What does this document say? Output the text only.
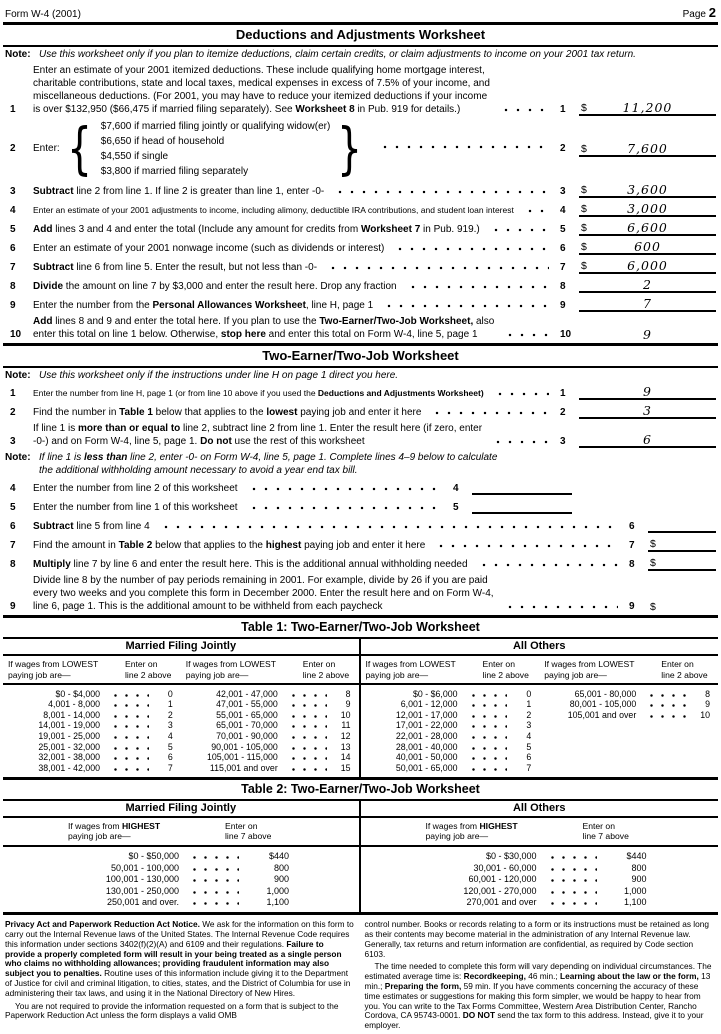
Form W-4 (2001)	Page 2
Deductions and Adjustments Worksheet
Note: Use this worksheet only if you plan to itemize deductions, claim certain credits, or claim adjustments to income on your 2001 tax return.
1
Enter an estimate of your 2001 itemized deductions. These include qualifying home mortgage interest,
charitable contributions, state and local taxes, medical expenses in excess of 7.5% of your income, and
miscellaneous deductions. (For 2001, you may have to reduce your itemized deductions if your income
is over $132,950 ($66,475 if married filing separately). See Worksheet 8 in Pub. 919 for details.)	1	$	11,200
2	Enter: { $7,600 if married filing jointly or qualifying widow(er)
$6,650 if head of household
$4,550 if single
$3,800 if married filing separately	}	2	$	7,600
3	Subtract line 2 from line 1. If line 2 is greater than line 1, enter -0-	3	$	3,600
4	Enter an estimate of your 2001 adjustments to income, including alimony, deductible IRA contributions, and student loan interest	4	$	3,000
5	Add lines 3 and 4 and enter the total (Include any amount for credits from Worksheet 7 in Pub. 919.)	5	$	6,600
6	Enter an estimate of your 2001 nonwage income (such as dividends or interest)	6	$	600
7	Subtract line 6 from line 5. Enter the result, but not less than -0-	7	$	6,000
8	Divide the amount on line 7 by $3,000 and enter the result here. Drop any fraction	8	2
9	Enter the number from the Personal Allowances Worksheet, line H, page 1	9	7
10
Add lines 8 and 9 and enter the total here. If you plan to use the Two-Earner/Two-Job Worksheet, also
enter this total on line 1 below. Otherwise, stop here and enter this total on Form W-4, line 5, page 1	10	9
Two-Earner/Two-Job Worksheet
Note: Use this worksheet only if the instructions under line H on page 1 direct you here.
1	Enter the number from line H, page 1 (or from line 10 above if you used the Deductions and Adjustments Worksheet)	1	9
2	Find the number in Table 1 below that applies to the lowest paying job and enter it here	2	3
3
If line 1 is more than or equal to line 2, subtract line 2 from line 1. Enter the result here (if zero, enter
-0-) and on Form W-4, line 5, page 1. Do not use the rest of this worksheet	3	6
Note: If line 1 is less than line 2, enter -0- on Form W-4, line 5, page 1. Complete lines 4–9 below to calculate
the additional withholding amount necessary to avoid a year end tax bill.
4	Enter the number from line 2 of this worksheet	4
5	Enter the number from line 1 of this worksheet	5
6	Subtract line 5 from line 4	6
7	Find the amount in Table 2 below that applies to the highest paying job and enter it here	7	$
8	Multiply line 7 by line 6 and enter the result here. This is the additional annual withholding needed	8	$
9
Divide line 8 by the number of pay periods remaining in 2001. For example, divide by 26 if you are paid
every two weeks and you complete this form in December 2000. Enter the result here and on Form W-4,
line 6, page 1. This is the additional amount to be withheld from each paycheck	9	$
Table 1: Two-Earner/Two-Job Worksheet
Married Filing Jointly
If wages from LOWEST
paying job are—
Enter on
line 2 above
If wages from LOWEST
paying job are—
Enter on
line 2 above
$0 - $4,000	0
4,001 - 8,000	1
8,001 - 14,000	2
14,001 - 19,000	3
19,001 - 25,000	4
25,001 - 32,000	5
32,001 - 38,000	6
38,001 - 42,000	7
42,001 - 47,000	8
47,001 - 55,000	9
55,001 - 65,000	10
65,001 - 70,000	11
70,001 - 90,000	12
90,001 - 105,000	13
105,001 - 115,000	14
115,001 and over	15
All Others
If wages from LOWEST
paying job are—
Enter on
line 2 above
If wages from LOWEST
paying job are—
Enter on
line 2 above
$0 - $6,000	0
6,001 - 12,000	1
12,001 - 17,000	2
17,001 - 22,000	3
22,001 - 28,000	4
28,001 - 40,000	5
40,001 - 50,000	6
50,001 - 65,000	7
65,001 - 80,000	8
80,001 - 105,000	9
105,001 and over	10
Table 2: Two-Earner/Two-Job Worksheet
Married Filing Jointly
If wages from HIGHEST
paying job are—
Enter on
line 7 above
$0 - $50,000	$440
50,001 - 100,000	800
100,001 - 130,000	900
130,001 - 250,000	1,000
250,001 and over.	1,100
All Others
If wages from HIGHEST
paying job are—
Enter on
line 7 above
$0 - $30,000	$440
30,001 - 60,000	800
60,001 - 120,000	900
120,001 - 270,000	1,000
270,001 and over	1,100

Privacy Act and Paperwork Reduction Act Notice. We ask for the information on this form to carry out the Internal Revenue laws of the United States. The Internal Revenue Code requires this information under sections 3402(f)(2)(A) and 6109 and their regulations. Failure to provide a properly completed form will result in your being treated as a single person who claims no withholding allowances; providing fraudulent information may also subject you to penalties. Routine uses of this information include giving it to the Department of Justice for civil and criminal litigation, to cities, states, and the District of Columbia for use in administering their tax laws, and using it in the National Directory of New Hires.

You are not required to provide the information requested on a form that is subject to the Paperwork Reduction Act unless the form displays a valid OMB

control number. Books or records relating to a form or its instructions must be retained as long as their contents may become material in the administration of any Internal Revenue law. Generally, tax returns and return information are confidential, as required by Code section 6103.

The time needed to complete this form will vary depending on individual circumstances. The estimated average time is: Recordkeeping, 46 min.; Learning about the law or the form, 13 min.; Preparing the form, 59 min. If you have comments concerning the accuracy of these time estimates or suggestions for making this form simpler, we would be happy to hear from you. You can write to the Tax Forms Committee, Western Area Distribution Center, Rancho Cordova, CA 95743-0001. DO NOT send the tax form to this address. Instead, give it to your employer.
